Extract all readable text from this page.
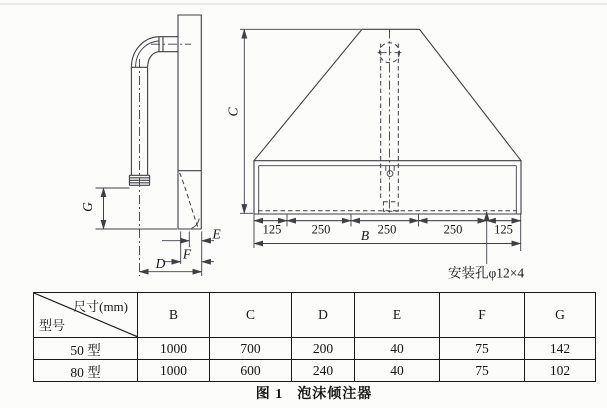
G
E
F
D
C
125 250	250	250	125
B
安装孔φ12×4
尺寸(mm)
型号	B	C	D	E	F	G
50 型	1000	700	200	40	75	142
80 型	1000	600	240	40	75	102
图 1 泡沫倾注器
